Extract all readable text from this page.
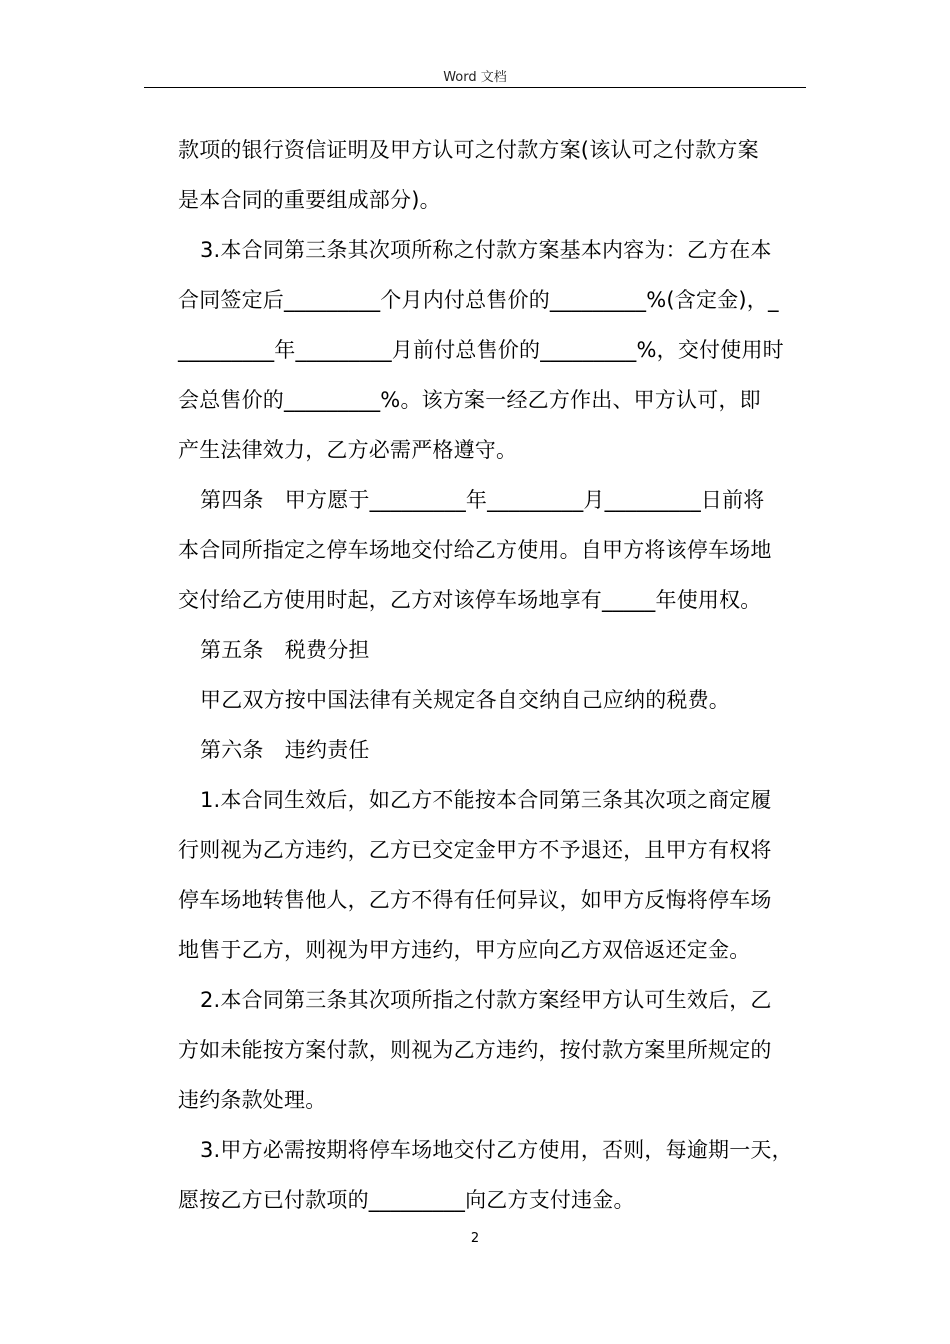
Word 文档
款项的银行资信证明及甲方认可之付款方案(该认可之付款方案
是本合同的重要组成部分)。
3.本合同第三条其次项所称之付款方案基本内容为：乙方在本
合同签定后_________个月内付总售价的_________%(含定金)，_
_________年_________月前付总售价的_________%，交付使用时
会总售价的_________%。该方案一经乙方作出、甲方认可，即
产生法律效力，乙方必需严格遵守。
第四条　甲方愿于_________年_________月_________日前将
本合同所指定之停车场地交付给乙方使用。自甲方将该停车场地
交付给乙方使用时起，乙方对该停车场地享有_____年使用权。
第五条　税费分担
甲乙双方按中国法律有关规定各自交纳自己应纳的税费。
第六条　违约责任
1.本合同生效后，如乙方不能按本合同第三条其次项之商定履
行则视为乙方违约，乙方已交定金甲方不予退还，且甲方有权将
停车场地转售他人，乙方不得有任何异议，如甲方反悔将停车场
地售于乙方，则视为甲方违约，甲方应向乙方双倍返还定金。
2.本合同第三条其次项所指之付款方案经甲方认可生效后，乙
方如未能按方案付款，则视为乙方违约，按付款方案里所规定的
违约条款处理。
3.甲方必需按期将停车场地交付乙方使用，否则，每逾期一天，
愿按乙方已付款项的_________向乙方支付违金。
2
